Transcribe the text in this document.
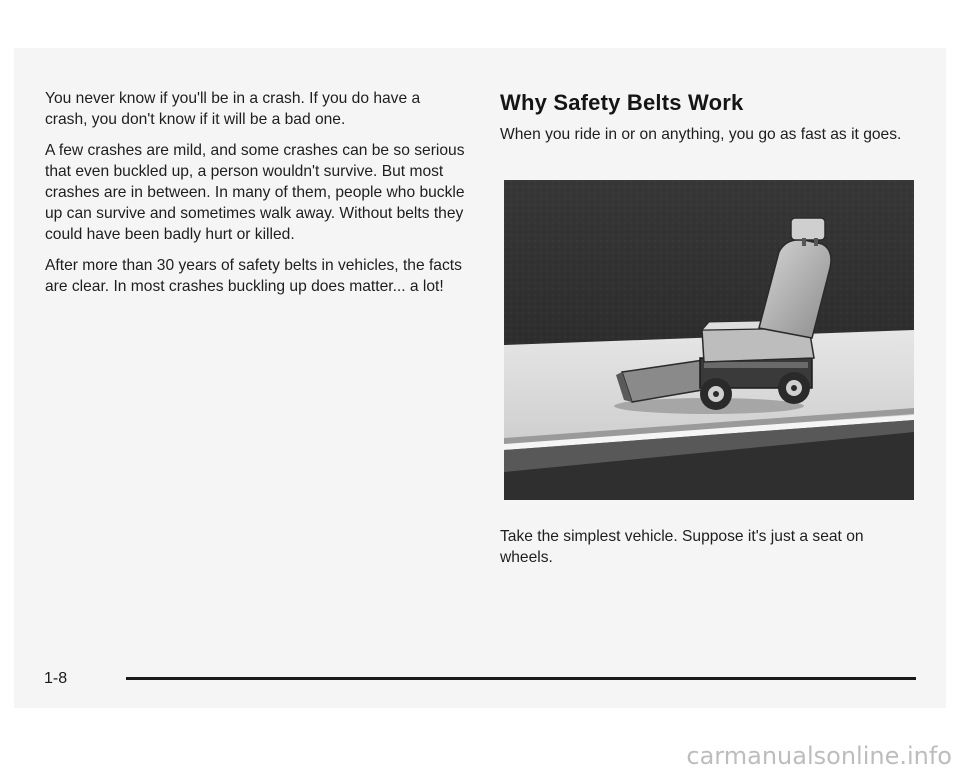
You never know if you'll be in a crash. If you do have a crash, you don't know if it will be a bad one.

A few crashes are mild, and some crashes can be so serious that even buckled up, a person wouldn't survive. But most crashes are in between. In many of them, people who buckle up can survive and sometimes walk away. Without belts they could have been badly hurt or killed.

After more than 30 years of safety belts in vehicles, the facts are clear. In most crashes buckling up does matter... a lot!

Why Safety Belts Work

When you ride in or on anything, you go as fast as it goes.

Take the simplest vehicle. Suppose it's just a seat on wheels.

1-8
carmanualsonline.info
